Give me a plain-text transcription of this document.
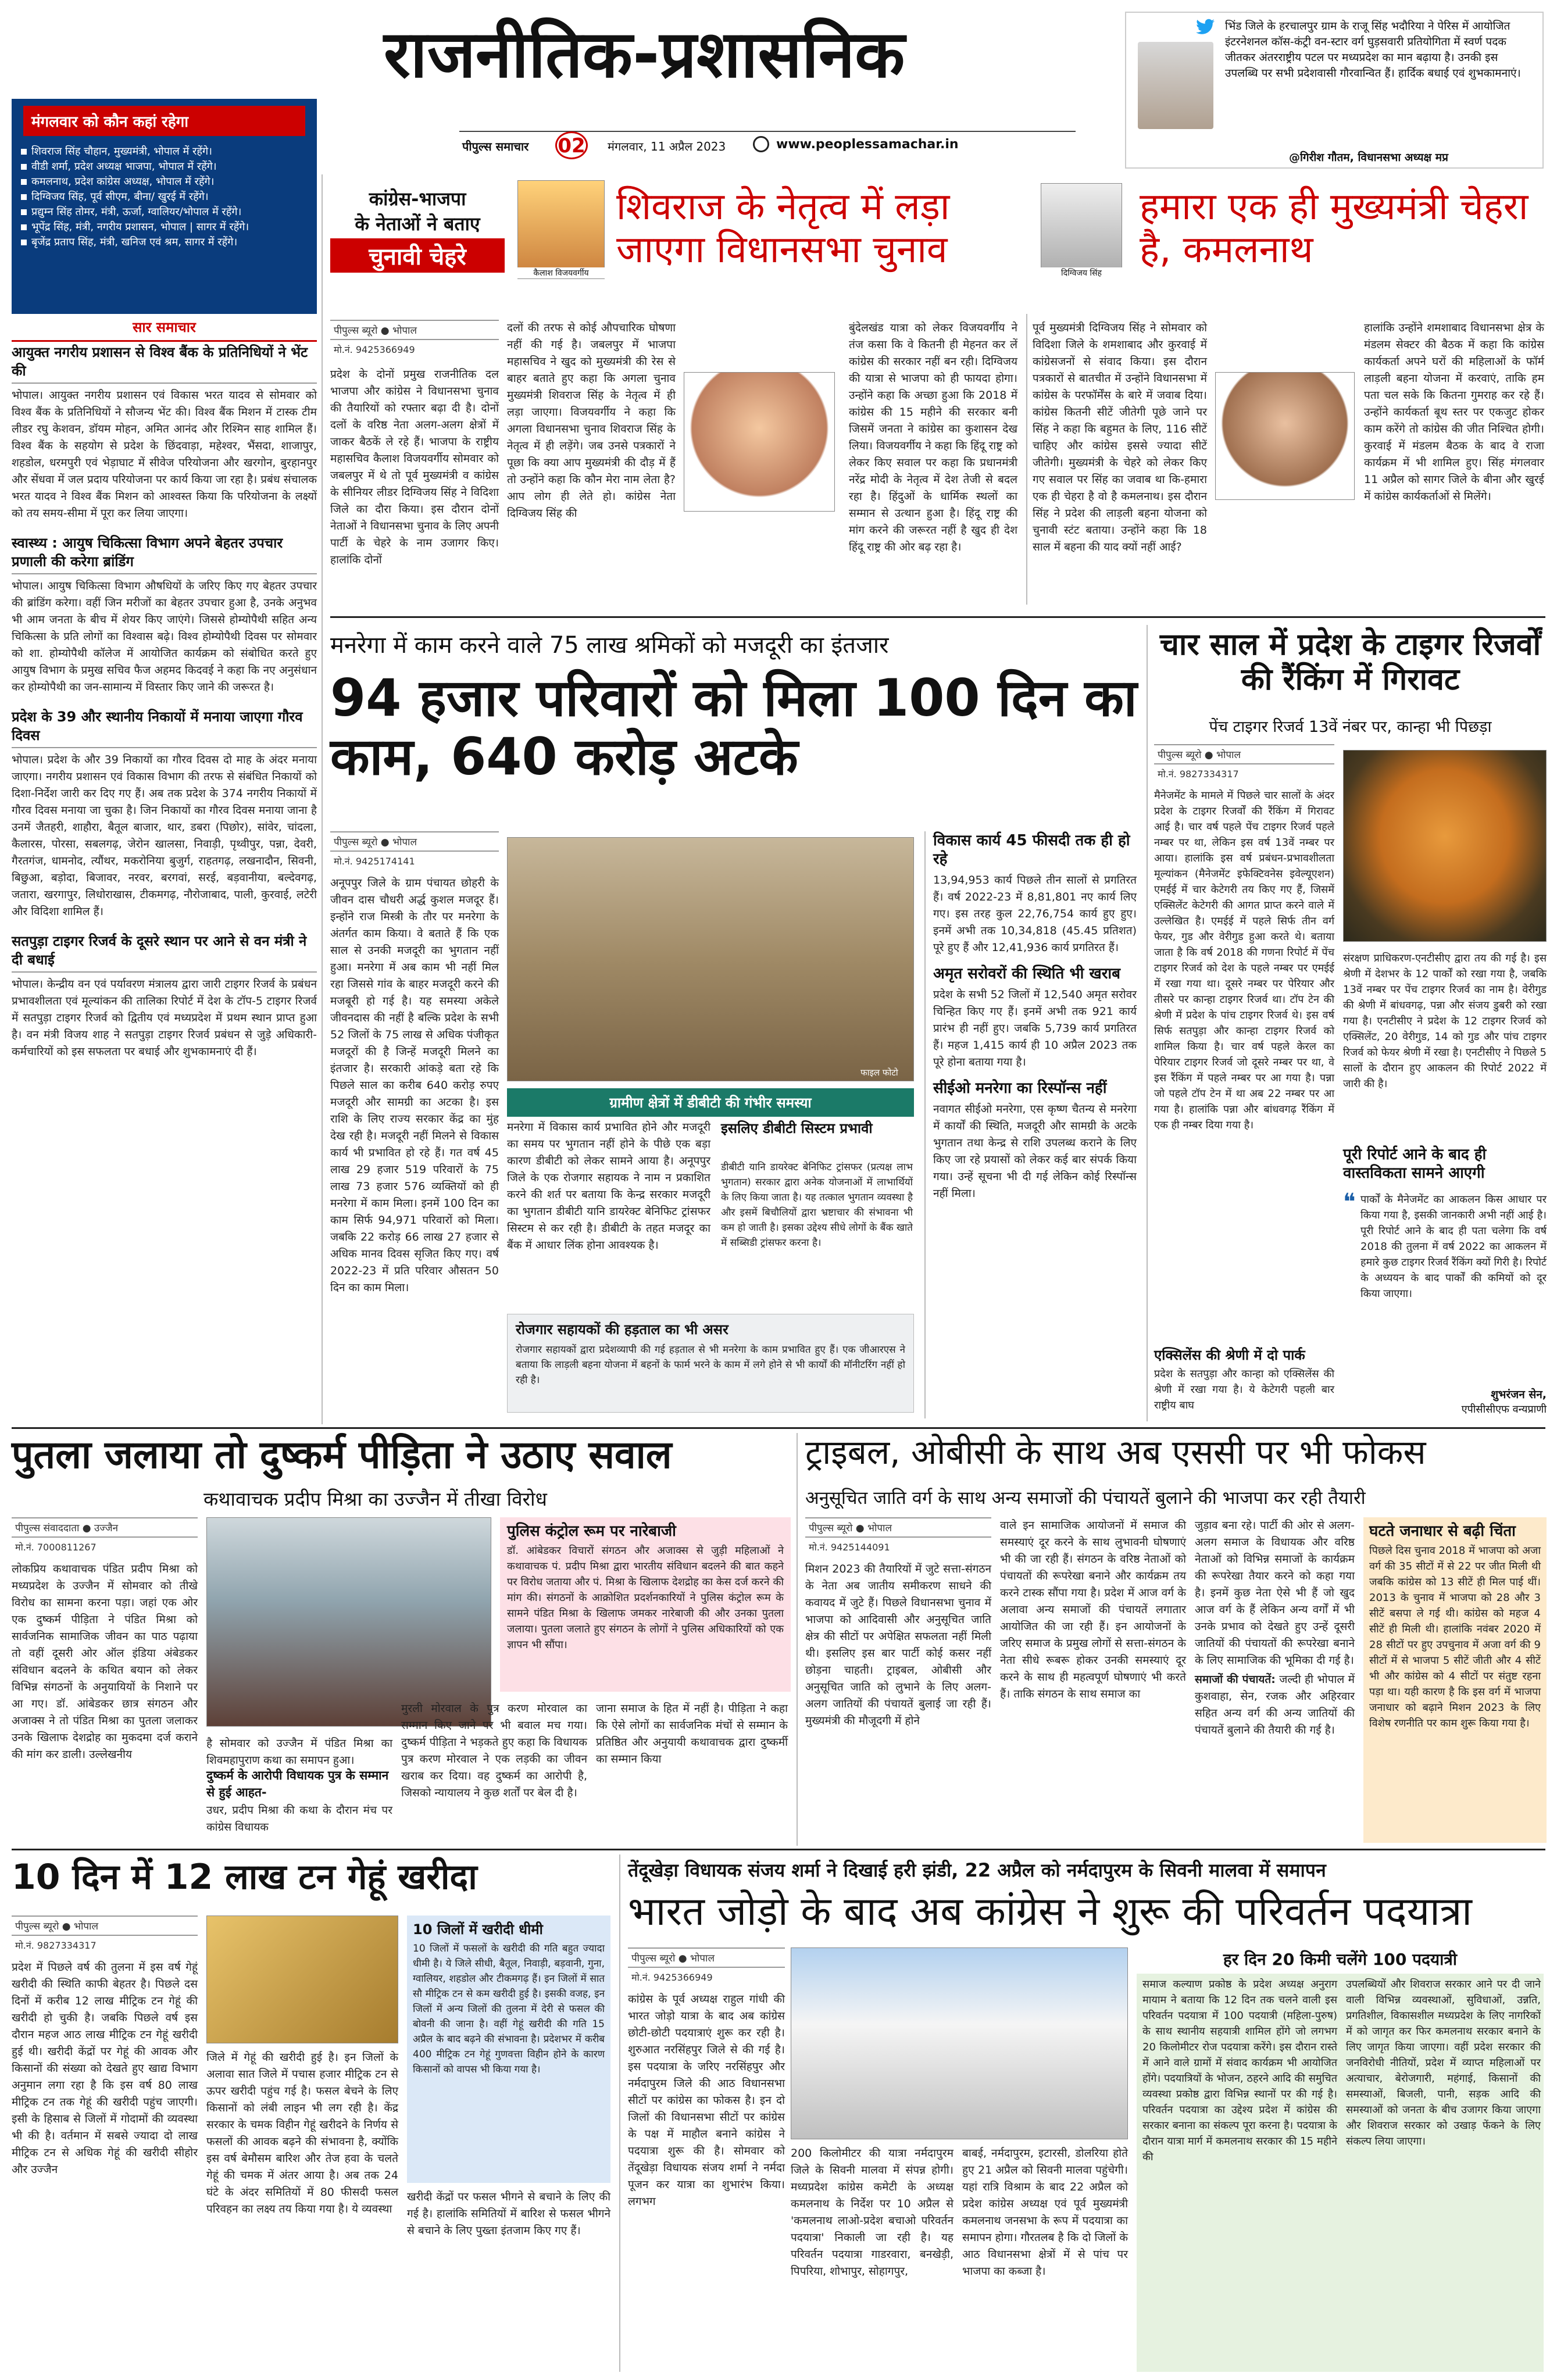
राजनीतिक-प्रशासनिक
पीपुल्स समाचार 02 मंगलवार, 11 अप्रैल 2023	www.peoplessamachar.in
भिंड जिले के हरचालपुर ग्राम के राजू सिंह भदौरिया ने पेरिस में आयोजित इंटरनेशनल कॉस-कंट्री वन-स्टार वर्ग घुड़सवारी प्रतियोगिता में स्वर्ण पदक जीतकर अंतरराष्ट्रीय पटल पर मध्यप्रदेश का मान बढ़ाया है। उनकी इस उपलब्धि पर सभी प्रदेशवासी गौरवान्वित हैं। हार्दिक बधाई एवं शुभकामनाएं।
@गिरीश गौतम, विधानसभा अध्यक्ष मप्र
मंगलवार को कौन कहां रहेगा
शिवराज सिंह चौहान, मुख्यमंत्री, भोपाल में रहेंगे।
वीडी शर्मा, प्रदेश अध्यक्ष भाजपा, भोपाल में रहेंगे।
कमलनाथ, प्रदेश कांग्रेस अध्यक्ष, भोपाल में रहेंगे।
दिग्विजय सिंह, पूर्व सीएम, बीना/ खुरई में रहेंगे।
प्रद्युम्न सिंह तोमर, मंत्री, ऊर्जा, ग्वालियर/भोपाल में रहेंगे।
भूपेंद्र सिंह, मंत्री, नगरीय प्रशासन, भोपाल | सागर में रहेंगे।
बृजेंद्र प्रताप सिंह, मंत्री, खनिज एवं श्रम, सागर में रहेंगे।
सार समाचार
आयुक्त नगरीय प्रशासन से विश्व बैंक के प्रतिनिधियों ने भेंट की
भोपाल। आयुक्त नगरीय प्रशासन एवं विकास भरत यादव से सोमवार को विश्व बैंक के प्रतिनिधियों ने सौजन्य भेंट की। विश्व बैंक मिशन में टास्क टीम लीडर रघु केशवन, डॉयम मोहन, अमित आनंद और रिश्मिन साह शामिल हैं। विश्व बैंक के सहयोग से प्रदेश के छिंदवाड़ा, महेश्वर, भैंसदा, शाजापुर, शहडोल, धरमपुरी एवं भेड़ाघाट में सीवेज परियोजना और खरगोन, बुरहानपुर और सेंधवा में जल प्रदाय परियोजना पर कार्य किया जा रहा है। प्रबंध संचालक भरत यादव ने विश्व बैंक मिशन को आश्वस्त किया कि परियोजना के लक्ष्यों को तय समय-सीमा में पूरा कर लिया जाएगा।
स्वास्थ्य : आयुष चिकित्सा विभाग अपने बेहतर उपचार प्रणाली की करेगा ब्रांडिंग
भोपाल। आयुष चिकित्सा विभाग औषधियों के जरिए किए गए बेहतर उपचार की ब्रांडिंग करेगा। वहीं जिन मरीजों का बेहतर उपचार हुआ है, उनके अनुभव भी आम जनता के बीच में शेयर किए जाएंगे। जिससे होम्योपैथी सहित अन्य चिकित्सा के प्रति लोगों का विश्वास बढ़े। विश्व होम्योपैथी दिवस पर सोमवार को शा. होम्योपैथी कॉलेज में आयोजित कार्यक्रम को संबोधित करते हुए आयुष विभाग के प्रमुख सचिव फैज अहमद किदवई ने कहा कि नए अनुसंधान कर होम्योपैथी का जन-सामान्य में विस्तार किए जाने की जरूरत है।
प्रदेश के 39 और स्थानीय निकायों में मनाया जाएगा गौरव दिवस
भोपाल। प्रदेश के और 39 निकायों का गौरव दिवस दो माह के अंदर मनाया जाएगा। नगरीय प्रशासन एवं विकास विभाग की तरफ से संबंधित निकायों को दिशा-निर्देश जारी कर दिए गए हैं। अब तक प्रदेश के 374 नगरीय निकायों में गौरव दिवस मनाया जा चुका है। जिन निकायों का गौरव दिवस मनाया जाना है उनमें जैतहरी, शाहौरा, बैतूल बाजार, थार, डबरा (पिछोर), सांवेर, चांदला, कैलारस, पोरसा, सबलगढ़, जेरोन खालसा, निवाड़ी, पृथ्वीपुर, पन्ना, देवरी, गैरतगंज, धामनोद, त्यौंथर, मकरोनिया बुजुर्ग, राहतगढ़, लखनादौन, सिवनी, बिछुआ, बड़ोदा, बिजावर, नरवर, बरगवां, सरई, बड़वानीया, बल्देवगढ़, जतारा, खरगापुर, लिधोराखास, टीकमगढ़, नौरोजाबाद, पाली, कुरवाई, लटेरी और विदिशा शामिल हैं।
सतपुड़ा टाइगर रिजर्व के दूसरे स्थान पर आने से वन मंत्री ने दी बधाई
भोपाल। केन्द्रीय वन एवं पर्यावरण मंत्रालय द्वारा जारी टाइगर रिजर्व के प्रबंधन प्रभावशीलता एवं मूल्यांकन की तालिका रिपोर्ट में देश के टॉप-5 टाइगर रिजर्व में सतपुड़ा टाइगर रिजर्व को द्वितीय एवं मध्यप्रदेश में प्रथम स्थान प्राप्त हुआ है। वन मंत्री विजय शाह ने सतपुड़ा टाइगर रिजर्व प्रबंधन से जुड़े अधिकारी-कर्मचारियों को इस सफलता पर बधाई और शुभकामनाएं दी हैं।
कांग्रेस-भाजपा
के नेताओं ने बताए
चुनावी चेहरे
कैलाश विजयवर्गीय
शिवराज के नेतृत्व में लड़ा जाएगा विधानसभा चुनाव
दिग्विजय सिंह
हमारा एक ही मुख्यमंत्री चेहरा है, कमलनाथ
पीपुल्स ब्यूरो ● भोपाल
मो.नं. 9425366949
प्रदेश के दोनों प्रमुख राजनीतिक दल भाजपा और कांग्रेस ने विधानसभा चुनाव की तैयारियों को रफ्तार बढ़ा दी है। दोनों दलों के वरिष्ठ नेता अलग-अलग क्षेत्रों में जाकर बैठकें ले रहे हैं। भाजपा के राष्ट्रीय महासचिव कैलाश विजयवर्गीय सोमवार को जबलपुर में थे तो पूर्व मुख्यमंत्री व कांग्रेस के सीनियर लीडर दिग्विजय सिंह ने विदिशा जिले का दौरा किया। इस दौरान दोनों नेताओं ने विधानसभा चुनाव के लिए अपनी पार्टी के चेहरे के नाम उजागर किए। हालांकि दोनों
दलों की तरफ से कोई औपचारिक घोषणा नहीं की गई है। जबलपुर में भाजपा महासचिव ने खुद को मुख्यमंत्री की रेस से बाहर बताते हुए कहा कि अगला चुनाव मुख्यमंत्री शिवराज सिंह के नेतृत्व में ही लड़ा जाएगा। विजयवर्गीय ने कहा कि अगला विधानसभा चुनाव शिवराज सिंह के नेतृत्व में ही लड़ेंगे। जब उनसे पत्रकारों ने पूछा कि क्या आप मुख्यमंत्री की दौड़ में हैं तो उन्होंने कहा कि कौन मेरा नाम लेता है? आप लोग ही लेते हो। कांग्रेस नेता दिग्विजय सिंह की
बुंदेलखंड यात्रा को लेकर विजयवर्गीय ने तंज कसा कि वे कितनी ही मेहनत कर लें कांग्रेस की सरकार नहीं बन रही। दिग्विजय की यात्रा से भाजपा को ही फायदा होगा। उन्होंने कहा कि अच्छा हुआ कि 2018 में कांग्रेस की 15 महीने की सरकार बनी जिसमें जनता ने कांग्रेस का कुशासन देख लिया। विजयवर्गीय ने कहा कि हिंदू राष्ट्र को लेकर किए सवाल पर कहा कि प्रधानमंत्री नरेंद्र मोदी के नेतृत्व में देश तेजी से बदल रहा है। हिंदुओं के धार्मिक स्थलों का सम्मान से उत्थान हुआ है। हिंदू राष्ट्र की मांग करने की जरूरत नहीं है खुद ही देश हिंदू राष्ट्र की ओर बढ़ रहा है।
पूर्व मुख्यमंत्री दिग्विजय सिंह ने सोमवार को विदिशा जिले के शमशाबाद और कुरवाई में कांग्रेसजनों से संवाद किया। इस दौरान पत्रकारों से बातचीत में उन्होंने विधानसभा में कांग्रेस के परफॉर्मेंस के बारे में जवाब दिया। कांग्रेस कितनी सीटें जीतेगी पूछे जाने पर सिंह ने कहा कि बहुमत के लिए, 116 सीटें चाहिए और कांग्रेस इससे ज्यादा सीटें जीतेगी। मुख्यमंत्री के चेहरे को लेकर किए गए सवाल पर सिंह का जवाब था कि-हमारा एक ही चेहरा है वो है कमलनाथ। इस दौरान सिंह ने प्रदेश की लाड़ली बहना योजना को चुनावी स्टंट बताया। उन्होंने कहा कि 18 साल में बहना की याद क्यों नहीं आई?
हालांकि उन्होंने शमशाबाद विधानसभा क्षेत्र के मंडलम सेक्टर की बैठक में कहा कि कांग्रेस कार्यकर्ता अपने घरों की महिलाओं के फॉर्म लाड़ली बहना योजना में करवाएं, ताकि हम पता चल सके कि कितना गुमराह कर रहे हैं। उन्होंने कार्यकर्ता बूथ स्तर पर एकजुट होकर काम करेंगे तो कांग्रेस की जीत निश्चित होगी। कुरवाई में मंडलम बैठक के बाद वे राजा कार्यक्रम में भी शामिल हुए। सिंह मंगलवार 11 अप्रैल को सागर जिले के बीना और खुरई में कांग्रेस कार्यकर्ताओं से मिलेंगे।
मनरेगा में काम करने वाले 75 लाख श्रमिकों को मजदूरी का इंतजार
94 हजार परिवारों को मिला 100 दिन का काम, 640 करोड़ अटके
पीपुल्स ब्यूरो ● भोपाल
मो.नं. 9425174141
अनूपपुर जिले के ग्राम पंचायत छोहरी के जीवन दास चौधरी अर्द्ध कुशल मजदूर हैं। इन्होंने राज मिस्त्री के तौर पर मनरेगा के अंतर्गत काम किया। वे बताते हैं कि एक साल से उनकी मजदूरी का भुगतान नहीं हुआ। मनरेगा में अब काम भी नहीं मिल रहा जिससे गांव के बाहर मजदूरी करने की मजबूरी हो गई है। यह समस्या अकेले जीवनदास की नहीं है बल्कि प्रदेश के सभी 52 जिलों के 75 लाख से अधिक पंजीकृत मजदूरों की है जिन्हें मजदूरी मिलने का इंतजार है। सरकारी आंकड़े बता रहे कि पिछले साल का करीब 640 करोड़ रुपए मजदूरी और सामग्री का अटका है। इस राशि के लिए राज्य सरकार केंद्र का मुंह देख रही है। मजदूरी नहीं मिलने से विकास कार्य भी प्रभावित हो रहे हैं। गत वर्ष 45 लाख 29 हजार 519 परिवारों के 75 लाख 73 हजार 576 व्यक्तियों को ही मनरेगा में काम मिला। इनमें 100 दिन का काम सिर्फ 94,971 परिवारों को मिला। जबकि 22 करोड़ 66 लाख 27 हजार से अधिक मानव दिवस सृजित किए गए। वर्ष 2022-23 में प्रति परिवार औसतन 50 दिन का काम मिला।
फाइल फोटो
ग्रामीण क्षेत्रों में डीबीटी की गंभीर समस्या
मनरेगा में विकास कार्य प्रभावित होने और मजदूरी का समय पर भुगतान नहीं होने के पीछे एक बड़ा कारण डीबीटी को लेकर सामने आया है। अनूपपुर जिले के एक रोजगार सहायक ने नाम न प्रकाशित करने की शर्त पर बताया कि केन्द्र सरकार मजदूरी का भुगतान डीबीटी यानि डायरेक्ट बेनिफिट ट्रांसफर सिस्टम से कर रही है। डीबीटी के तहत मजदूर का बैंक में आधार लिंक होना आवश्यक है।
इसलिए डीबीटी सिस्टम प्रभावी
डीबीटी यानि डायरेक्ट बेनिफिट ट्रांसफर (प्रत्यक्ष लाभ भुगतान) सरकार द्वारा अनेक योजनाओं में लाभार्थियों के लिए किया जाता है। यह तत्काल भुगतान व्यवस्था है और इसमें बिचौलियों द्वारा भ्रष्टाचार की संभावना भी कम हो जाती है। इसका उद्देश्य सीधे लोगों के बैंक खाते में सब्सिडी ट्रांसफर करना है।
रोजगार सहायकों की हड़ताल का भी असर
रोजगार सहायकों द्वारा प्रदेशव्यापी की गई हड़ताल से भी मनरेगा के काम प्रभावित हुए हैं। एक जीआरएस ने बताया कि लाड़ली बहना योजना में बहनों के फार्म भरने के काम में लगे होने से भी कार्यों की मॉनीटरिंग नहीं हो रही है।
विकास कार्य 45 फीसदी तक ही हो रहे
13,94,953 कार्य पिछले तीन सालों से प्रगतिरत हैं। वर्ष 2022-23 में 8,81,801 नए कार्य लिए गए। इस तरह कुल 22,76,754 कार्य हुए हुए। इनमें अभी तक 10,34,818 (45.45 प्रतिशत) पूरे हुए हैं और 12,41,936 कार्य प्रगतिरत हैं।
अमृत सरोवरों की स्थिति भी खराब
प्रदेश के सभी 52 जिलों में 12,540 अमृत सरोवर चिन्हित किए गए हैं। इनमें अभी तक 921 कार्य प्रारंभ ही नहीं हुए। जबकि 5,739 कार्य प्रगतिरत हैं। महज 1,415 कार्य ही 10 अप्रैल 2023 तक पूरे होना बताया गया है।
सीईओ मनरेगा का रिस्पॉन्स नहीं
नवागत सीईओ मनरेगा, एस कृष्ण चैतन्य से मनरेगा में कार्यों की स्थिति, मजदूरी और सामग्री के अटके भुगतान तथा केन्द्र से राशि उपलब्ध कराने के लिए किए जा रहे प्रयासों को लेकर कई बार संपर्क किया गया। उन्हें सूचना भी दी गई लेकिन कोई रिस्पॉन्स नहीं मिला।
चार साल में प्रदेश के टाइगर रिजर्वों की रैंकिंग में गिरावट
पेंच टाइगर रिजर्व 13वें नंबर पर, कान्हा भी पिछड़ा
पीपुल्स ब्यूरो ● भोपाल
मो.नं. 9827334317
मैनेजमेंट के मामले में पिछले चार सालों के अंदर प्रदेश के टाइगर रिजर्वों की रैंकिंग में गिरावट आई है। चार वर्ष पहले पेंच टाइगर रिजर्व पहले नम्बर पर था, लेकिन इस वर्ष 13वें नम्बर पर आया। हालांकि इस वर्ष प्रबंधन-प्रभावशीलता मूल्यांकन (मैनेजमेंट इफेक्टिवनेस इवेल्यूएशन) एमईई में चार केटेगरी तय किए गए हैं, जिसमें एक्सिलेंट केटेगरी की आगत प्राप्त करने वाले में उल्लेखित है। एमईई में पहले सिर्फ तीन वर्ग फेयर, गुड और वेरीगुड हुआ करते थे। बताया जाता है कि वर्ष 2018 की गणना रिपोर्ट में पेंच टाइगर रिजर्व को देश के पहले नम्बर पर एमईई में रखा गया था। दूसरे नम्बर पर पेरियार और तीसरे पर कान्हा टाइगर रिजर्व था। टॉप टेन की श्रेणी में प्रदेश के पांच टाइगर रिजर्व थे। इस वर्ष सिर्फ सतपुड़ा और कान्हा टाइगर रिजर्व को शामिल किया है। चार वर्ष पहले केरल का पेरियार टाइगर रिजर्व जो दूसरे नम्बर पर था, वे इस रैंकिंग में पहले नम्बर पर आ गया है। पन्ना जो पहले टॉप टेन में था अब 22 नम्बर पर आ गया है। हालांकि पन्ना और बांधवगढ़ रैंकिंग में एक ही नम्बर दिया गया है।
एक्सिलेंस की श्रेणी में दो पार्क
प्रदेश के सतपुड़ा और कान्हा को एक्सिलेंस की श्रेणी में रखा गया है। ये केटेगरी पहली बार राष्ट्रीय बाघ
संरक्षण प्राधिकरण-एनटीसीए द्वारा तय की गई है। इस श्रेणी में देशभर के 12 पार्कों को रखा गया है, जबकि 13वें नम्बर पर पेंच टाइगर रिजर्व का नाम है। वेरीगुड की श्रेणी में बांधवगढ़, पन्ना और संजय डुबरी को रखा गया है। एनटीसीए ने प्रदेश के 12 टाइगर रिजर्व को एक्सिलेंट, 20 वेरीगुड, 14 को गुड और पांच टाइगर रिजर्व को फेयर श्रेणी में रखा है। एनटीसीए ने पिछले 5 सालों के दौरान हुए आकलन की रिपोर्ट 2022 में जारी की है।
पूरी रिपोर्ट आने के बाद ही वास्तविकता सामने आएगी
❝ पार्कों के मैनेजमेंट का आकलन किस आधार पर किया गया है, इसकी जानकारी अभी नहीं आई है। पूरी रिपोर्ट आने के बाद ही पता चलेगा कि वर्ष 2018 की तुलना में वर्ष 2022 का आकलन में हमारे कुछ टाइगर रिजर्व रैंकिंग क्यों गिरी है। रिपोर्ट के अध्ययन के बाद पार्कों की कमियों को दूर किया जाएगा।
शुभरंजन सेन,
एपीसीसीएफ वन्यप्राणी
पुतला जलाया तो दुष्कर्म पीड़िता ने उठाए सवाल
कथावाचक प्रदीप मिश्रा का उज्जैन में तीखा विरोध
पीपुल्स संवाददाता ● उज्जैन
मो.नं. 7000811267
लोकप्रिय कथावाचक पंडित प्रदीप मिश्रा को मध्यप्रदेश के उज्जैन में सोमवार को तीखे विरोध का सामना करना पड़ा। जहां एक ओर एक दुष्कर्म पीड़िता ने पंडित मिश्रा को सार्वजनिक सामाजिक जीवन का पाठ पढ़ाया तो वहीं दूसरी ओर ऑल इंडिया अंबेडकर संविधान बदलने के कथित बयान को लेकर विभिन्न संगठनों के अनुयायियों के निशाने पर आ गए। डॉ. आंबेडकर छात्र संगठन और अजाक्स ने तो पंडित मिश्रा का पुतला जलाकर उनके खिलाफ देशद्रोह का मुकदमा दर्ज कराने की मांग कर डाली। उल्लेखनीय
पुलिस कंट्रोल रूम पर नारेबाजी
डॉ. आंबेडकर विचारों संगठन और अजाक्स से जुड़ी महिलाओं ने कथावाचक पं. प्रदीप मिश्रा द्वारा भारतीय संविधान बदलने की बात कहने पर विरोध जताया और पं. मिश्रा के खिलाफ देशद्रोह का केस दर्ज करने की मांग की। संगठनों के आक्रोशित प्रदर्शनकारियों ने पुलिस कंट्रोल रूम के सामने पंडित मिश्रा के खिलाफ जमकर नारेबाजी की और उनका पुतला जलाया। पुतला जलाते हुए संगठन के लोगों ने पुलिस अधिकारियों को एक ज्ञापन भी सौंपा।
है सोमवार को उज्जैन में पंडित मिश्रा का शिवमहापुराण कथा का समापन हुआ।
दुष्कर्म के आरोपी विधायक पुत्र के सम्मान से हुई आहत-
उधर, प्रदीप मिश्रा की कथा के दौरान मंच पर कांग्रेस विधायक
मुरली मोरवाल के पुत्र करण मोरवाल का सम्मान किए जाने पर भी बवाल मच गया। दुष्कर्म पीड़िता ने भड़कते हुए कहा कि विधायक पुत्र करण मोरवाल ने एक लड़की का जीवन खराब कर दिया। वह दुष्कर्म का आरोपी है, जिसको न्यायालय ने कुछ शर्तों पर बेल दी है।
जाना समाज के हित में नहीं है। पीड़िता ने कहा कि ऐसे लोगों का सार्वजनिक मंचों से सम्मान के प्रतिष्ठित और अनुयायी कथावाचक द्वारा दुष्कर्मी का सम्मान किया
ट्राइबल, ओबीसी के साथ अब एससी पर भी फोकस
अनुसूचित जाति वर्ग के साथ अन्य समाजों की पंचायतें बुलाने की भाजपा कर रही तैयारी
पीपुल्स ब्यूरो ● भोपाल
मो.नं. 9425144091
मिशन 2023 की तैयारियों में जुटे सत्ता-संगठन के नेता अब जातीय समीकरण साधने की कवायद में जुटे हैं। पिछले विधानसभा चुनाव में भाजपा को आदिवासी और अनुसूचित जाति क्षेत्र की सीटों पर अपेक्षित सफलता नहीं मिली थी। इसलिए इस बार पार्टी कोई कसर नहीं छोड़ना चाहती। ट्राइबल, ओबीसी और अनुसूचित जाति को लुभाने के लिए अलग-अलग जातियों की पंचायतें बुलाई जा रही हैं। मुख्यमंत्री की मौजूदगी में होने
वाले इन सामाजिक आयोजनों में समाज की समस्याएं दूर करने के साथ लुभावनी घोषणाएं भी की जा रही हैं। संगठन के वरिष्ठ नेताओं को पंचायतों की रूपरेखा बनाने और कार्यक्रम तय करने टास्क सौंपा गया है। प्रदेश में आज वर्ग के अलावा अन्य समाजों की पंचायतें लगातार आयोजित की जा रही हैं। इन आयोजनों के जरिए समाज के प्रमुख लोगों से सत्ता-संगठन के नेता सीधे रूबरू होकर उनकी समस्याएं दूर करने के साथ ही महत्वपूर्ण घोषणाएं भी करते हैं। ताकि संगठन के साथ समाज का
जुड़ाव बना रहे। पार्टी की ओर से अलग-अलग समाज के विधायक और वरिष्ठ नेताओं को विभिन्न समाजों के कार्यक्रम की रूपरेखा तैयार करने को कहा गया है। इनमें कुछ नेता ऐसे भी हैं जो खुद आज वर्ग के हैं लेकिन अन्य वर्गों में भी उनके प्रभाव को देखते हुए उन्हें दूसरी जातियों की पंचायतों की रूपरेखा बनाने के लिए सामाजिक की भूमिका दी गई है।
समाजों की पंचायतें: जल्दी ही भोपाल में कुशवाहा, सेन, रजक और अहिरवार सहित अन्य वर्ग की अन्य जातियों की पंचायतें बुलाने की तैयारी की गई है।
घटते जनाधार से बढ़ी चिंता
पिछले दिस चुनाव 2018 में भाजपा को अजा वर्ग की 35 सीटों में से 22 पर जीत मिली थी जबकि कांग्रेस को 13 सीटें ही मिल पाई थीं। 2013 के चुनाव में भाजपा को 28 और 3 सीटें बसपा ले गई थी। कांग्रेस को महज 4 सीटें ही मिली थी। हालांकि नवंबर 2020 में 28 सीटों पर हुए उपचुनाव में अजा वर्ग की 9 सीटों में से भाजपा 5 सीटें जीती और 4 सीटें भी और कांग्रेस को 4 सीटों पर संतुष्ट रहना पड़ा था। यही कारण है कि इस वर्ग में भाजपा जनाधार को बढ़ाने मिशन 2023 के लिए विशेष रणनीति पर काम शुरू किया गया है।
10 दिन में 12 लाख टन गेहूं खरीदा
पीपुल्स ब्यूरो ● भोपाल
मो.नं. 9827334317
प्रदेश में पिछले वर्ष की तुलना में इस वर्ष गेहूं खरीदी की स्थिति काफी बेहतर है। पिछले दस दिनों में करीब 12 लाख मीट्रिक टन गेहूं की खरीदी हो चुकी है। जबकि पिछले वर्ष इस दौरान महज आठ लाख मीट्रिक टन गेहूं खरीदी हुई थी। खरीदी केंद्रों पर गेहूं की आवक और किसानों की संख्या को देखते हुए खाद्य विभाग अनुमान लगा रहा है कि इस वर्ष 80 लाख मीट्रिक टन तक गेहूं की खरीदी पहुंच जाएगी। इसी के हिसाब से जिलों में गोदामों की व्यवस्था भी की है। वर्तमान में सबसे ज्यादा दो लाख मीट्रिक टन से अधिक गेहूं की खरीदी सीहोर और उज्जैन
जिले में गेहूं की खरीदी हुई है। इन जिलों के अलावा सात जिले में पचास हजार मीट्रिक टन से ऊपर खरीदी पहुंच गई है। फसल बेचने के लिए किसानों को लंबी लाइन भी लग रही है। केंद्र सरकार के चमक विहीन गेहूं खरीदने के निर्णय से फसलों की आवक बढ़ने की संभावना है, क्योंकि इस वर्ष बेमौसम बारिश और तेज हवा के चलते गेहूं की चमक में अंतर आया है। अब तक 24 घंटे के अंदर समितियों में 80 फीसदी फसल परिवहन का लक्ष्य तय किया गया है। ये व्यवस्था
10 जिलों में खरीदी धीमी
10 जिलों में फसलों के खरीदी की गति बहुत ज्यादा धीमी है। ये जिले सीधी, बैतूल, निवाड़ी, बड़वानी, गुना, ग्वालियर, शहडोल और टीकमगढ़ हैं। इन जिलों में सात सौ मीट्रिक टन से कम खरीदी हुई है। इसकी वजह, इन जिलों में अन्य जिलों की तुलना में देरी से फसल की बोवनी की जाना है। वहीं गेहूं खरीदी की गति 15 अप्रैल के बाद बढ़ने की संभावना है। प्रदेशभर में करीब 400 मीट्रिक टन गेहूं गुणवत्ता विहीन होने के कारण किसानों को वापस भी किया गया है।
खरीदी केंद्रों पर फसल भीगने से बचाने के लिए की गई है। हालांकि समितियों में बारिश से फसल भीगने से बचाने के लिए पुख्ता इंतजाम किए गए हैं।
तेंदूखेड़ा विधायक संजय शर्मा ने दिखाई हरी झंडी, 22 अप्रैल को नर्मदापुरम के सिवनी मालवा में समापन
भारत जोड़ो के बाद अब कांग्रेस ने शुरू की परिवर्तन पदयात्रा
पीपुल्स ब्यूरो ● भोपाल
मो.नं. 9425366949
कांग्रेस के पूर्व अध्यक्ष राहुल गांधी की भारत जोड़ो यात्रा के बाद अब कांग्रेस छोटी-छोटी पदयात्राएं शुरू कर रही है। शुरुआत नरसिंहपुर जिले से की गई है। इस पदयात्रा के जरिए नरसिंहपुर और नर्मदापुरम जिले की आठ विधानसभा सीटों पर कांग्रेस का फोकस है। इन दो जिलों की विधानसभा सीटों पर कांग्रेस के पक्ष में माहौल बनाने कांग्रेस ने पदयात्रा शुरू की है। सोमवार को तेंदूखेड़ा विधायक संजय शर्मा ने नर्मदा पूजन कर यात्रा का शुभारंभ किया। लगभग
200 किलोमीटर की यात्रा नर्मदापुरम जिले के सिवनी मालवा में संपन्न होगी। मध्यप्रदेश कांग्रेस कमेटी के अध्यक्ष कमलनाथ के निर्देश पर 10 अप्रैल से 'कमलनाथ लाओ-प्रदेश बचाओ परिवर्तन पदयात्रा' निकाली जा रही है। यह परिवर्तन पदयात्रा गाडरवारा, बनखेड़ी, पिपरिया, शोभापुर, सोहागपुर,
बाबई, नर्मदापुरम, इटारसी, डोलरिया होते हुए 21 अप्रैल को सिवनी मालवा पहुंचेगी। यहां रात्रि विश्राम के बाद 22 अप्रैल को प्रदेश कांग्रेस अध्यक्ष एवं पूर्व मुख्यमंत्री कमलनाथ जनसभा के रूप में पदयात्रा का समापन होगा। गौरतलब है कि दो जिलों के आठ विधानसभा क्षेत्रों में से पांच पर भाजपा का कब्जा है।
हर दिन 20 किमी चलेंगे 100 पदयात्री
समाज कल्याण प्रकोष्ठ के प्रदेश अध्यक्ष अनुराग मायाम ने बताया कि 12 दिन तक चलने वाली इस परिवर्तन पदयात्रा में 100 पदयात्री (महिला-पुरुष) के साथ स्थानीय सहयात्री शामिल होंगे जो लगभग 20 किलोमीटर रोज पदयात्रा करेंगे। इस दौरान रास्ते में आने वाले ग्रामों में संवाद कार्यक्रम भी आयोजित होंगे। पदयात्रियों के भोजन, ठहरने आदि की समुचित व्यवस्था प्रकोष्ठ द्वारा विभिन्न स्थानों पर की गई है। परिवर्तन पदयात्रा का उद्देश्य प्रदेश में कांग्रेस की सरकार बनाना का संकल्प पूरा करना है। पदयात्रा के दौरान यात्रा मार्ग में कमलनाथ सरकार की 15 महीने की
उपलब्धियों और शिवराज सरकार आने पर दी जाने वाली विभिन्न व्यवस्थाओं, सुविधाओं, उन्नति, प्रगतिशील, विकासशील मध्यप्रदेश के लिए नागरिकों में को जागृत कर फिर कमलनाथ सरकार बनाने के लिए जागृत किया जाएगा। वहीं प्रदेश सरकार की जनविरोधी नीतियों, प्रदेश में व्याप्त महिलाओं पर अत्याचार, बेरोजगारी, महंगाई, किसानों की समस्याओं, बिजली, पानी, सड़क आदि की समस्याओं को जनता के बीच उजागर किया जाएगा और शिवराज सरकार को उखाड़ फेंकने के लिए संकल्प लिया जाएगा।
